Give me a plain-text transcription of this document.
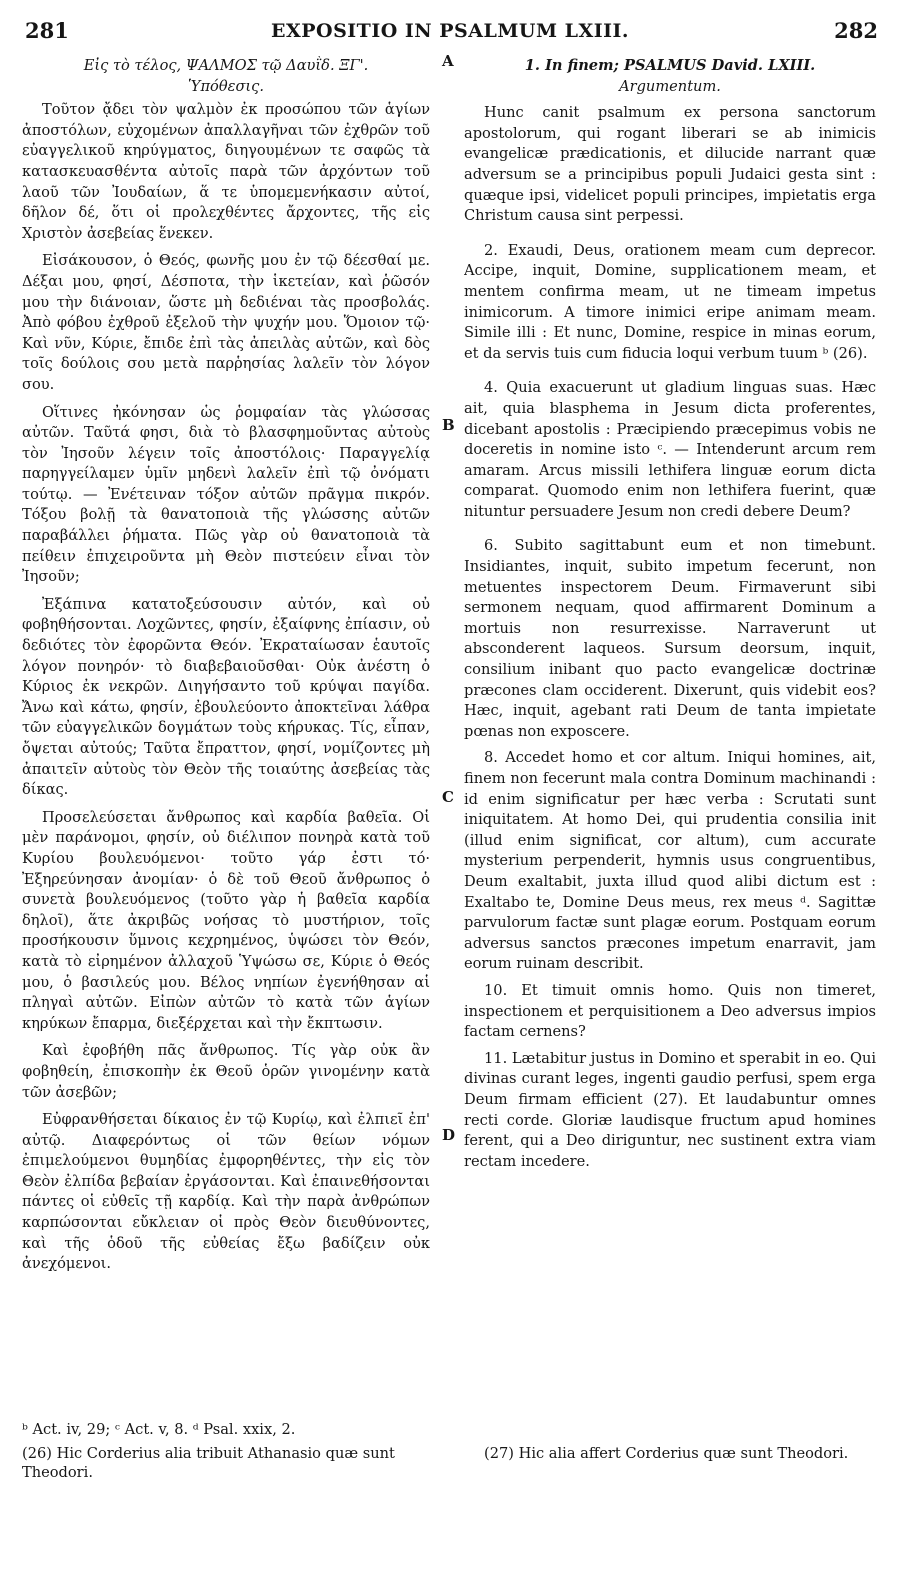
281	EXPOSITIO IN PSALMUM LXIII.	282
A
B
C
D

Εἰς τὸ τέλος, ΨΑΛΜΟΣ τῷ Δαυῒδ. ΞΓ'.

Ὑπόθεσις.

Τοῦτον ᾄδει τὸν ψαλμὸν ἐκ προσώπου τῶν ἁγίων ἀποστόλων, εὐχομένων ἀπαλλαγῆναι τῶν ἐχθρῶν τοῦ εὐαγγελικοῦ κηρύγματος, διηγουμένων τε σαφῶς τὰ κατασκευασθέντα αὐτοῖς παρὰ τῶν ἀρχόντων τοῦ λαοῦ τῶν Ἰουδαίων, ἅ τε ὑπομεμενήκασιν αὐτοί, δῆλον δέ, ὅτι οἱ προλεχθέντες ἄρχοντες, τῆς εἰς Χριστὸν ἀσεβείας ἕνεκεν.

Εἰσάκουσον, ὁ Θεός, φωνῆς μου ἐν τῷ δέεσθαί με. Δέξαι μου, φησί, Δέσποτα, τὴν ἱκετείαν, καὶ ῥῶσόν μου τὴν διάνοιαν, ὥστε μὴ δεδιέναι τὰς προσβολάς. Ἀπὸ φόβου ἐχθροῦ ἐξελοῦ τὴν ψυχήν μου. Ὅμοιον τῷ· Καὶ νῦν, Κύριε, ἔπιδε ἐπὶ τὰς ἀπειλὰς αὐτῶν, καὶ δὸς τοῖς δούλοις σου μετὰ παρῥησίας λαλεῖν τὸν λόγον σου.

Οἵτινες ἠκόνησαν ὡς ῥομφαίαν τὰς γλώσσας αὐτῶν. Ταῦτά φησι, διὰ τὸ βλασφημοῦντας αὐτοὺς τὸν Ἰησοῦν λέγειν τοῖς ἀποστόλοις· Παραγγελίᾳ παρηγγείλαμεν ὑμῖν μηδενὶ λαλεῖν ἐπὶ τῷ ὀνόματι τούτῳ. — Ἐνέτειναν τόξον αὐτῶν πρᾶγμα πικρόν. Τόξου βολῇ τὰ θανατοποιὰ τῆς γλώσσης αὐτῶν παραβάλλει ῥήματα. Πῶς γὰρ οὐ θανατοποιὰ τὰ πείθειν ἐπιχειροῦντα μὴ Θεὸν πιστεύειν εἶναι τὸν Ἰησοῦν;

Ἐξάπινα κατατοξεύσουσιν αὐτόν, καὶ οὐ φοβηθήσονται. Λοχῶντες, φησίν, ἐξαίφνης ἐπίασιν, οὐ δεδιότες τὸν ἐφορῶντα Θεόν. Ἐκραταίωσαν ἑαυτοῖς λόγον πονηρόν· τὸ διαβεβαιοῦσθαι· Οὐκ ἀνέστη ὁ Κύριος ἐκ νεκρῶν. Διηγήσαντο τοῦ κρύψαι παγίδα. Ἄνω καὶ κάτω, φησίν, ἐβουλεύοντο ἀποκτεῖναι λάθρα τῶν εὐαγγελικῶν δογμάτων τοὺς κήρυκας. Τίς, εἶπαν, ὄψεται αὐτούς; Ταῦτα ἔπραττον, φησί, νομίζοντες μὴ ἀπαιτεῖν αὐτοὺς τὸν Θεὸν τῆς τοιαύτης ἀσεβείας τὰς δίκας.

Προσελεύσεται ἄνθρωπος καὶ καρδία βαθεῖα. Οἱ μὲν παράνομοι, φησίν, οὐ διέλιπον πονηρὰ κατὰ τοῦ Κυρίου βουλευόμενοι· τοῦτο γάρ ἐστι τό· Ἐξηρεύνησαν ἀνομίαν· ὁ δὲ τοῦ Θεοῦ ἄνθρωπος ὁ συνετὰ βουλευόμενος (τοῦτο γὰρ ἡ βαθεῖα καρδία δηλοῖ), ἅτε ἀκριβῶς νοήσας τὸ μυστήριον, τοῖς προσήκουσιν ὕμνοις κεχρημένος, ὑψώσει τὸν Θεόν, κατὰ τὸ εἰρημένον ἀλλαχοῦ Ὑψώσω σε, Κύριε ὁ Θεός μου, ὁ βασιλεύς μου. Βέλος νηπίων ἐγενήθησαν αἱ πληγαὶ αὐτῶν. Εἰπὼν αὐτῶν τὸ κατὰ τῶν ἁγίων κηρύκων ἔπαρμα, διεξέρχεται καὶ τὴν ἔκπτωσιν.

Καὶ ἐφοβήθη πᾶς ἄνθρωπος. Τίς γὰρ οὐκ ἂν φοβηθείη, ἐπισκοπὴν ἐκ Θεοῦ ὁρῶν γινομένην κατὰ τῶν ἀσεβῶν;

Εὐφρανθήσεται δίκαιος ἐν τῷ Κυρίῳ, καὶ ἐλπιεῖ ἐπ' αὐτῷ. Διαφερόντως οἱ τῶν θείων νόμων ἐπιμελούμενοι θυμηδίας ἐμφορηθέντες, τὴν εἰς τὸν Θεὸν ἐλπίδα βεβαίαν ἐργάσονται. Καὶ ἐπαινεθήσονται πάντες οἱ εὐθεῖς τῇ καρδίᾳ. Καὶ τὴν παρὰ ἀνθρώπων καρπώσονται εὔκλειαν οἱ πρὸς Θεὸν διευθύνοντες, καὶ τῆς ὁδοῦ τῆς εὐθείας ἔξω βαδίζειν οὐκ ἀνεχόμενοι.

1. In finem; PSALMUS David. LXIII.

Argumentum.

Hunc canit psalmum ex persona sanctorum apostolorum, qui rogant liberari se ab inimicis evangelicæ prædicationis, et dilucide narrant quæ adversum se a principibus populi Judaici gesta sint : quæque ipsi, videlicet populi principes, impietatis erga Christum causa sint perpessi.

2. Exaudi, Deus, orationem meam cum deprecor. Accipe, inquit, Domine, supplicationem meam, et mentem confirma meam, ut ne timeam impetus inimicorum. A timore inimici eripe animam meam. Simile illi : Et nunc, Domine, respice in minas eorum, et da servis tuis cum fiducia loqui verbum tuum ᵇ (26).

4. Quia exacuerunt ut gladium linguas suas. Hæc ait, quia blasphema in Jesum dicta proferentes, dicebant apostolis : Præcipiendo præcepimus vobis ne doceretis in nomine isto ᶜ. — Intenderunt arcum rem amaram. Arcus missili lethifera linguæ eorum dicta comparat. Quomodo enim non lethifera fuerint, quæ nituntur persuadere Jesum non credi debere Deum?

6. Subito sagittabunt eum et non timebunt. Insidiantes, inquit, subito impetum fecerunt, non metuentes inspectorem Deum. Firmaverunt sibi sermonem nequam, quod affirmarent Dominum a mortuis non resurrexisse. Narraverunt ut absconderent laqueos. Sursum deorsum, inquit, consilium inibant quo pacto evangelicæ doctrinæ præcones clam occiderent. Dixerunt, quis videbit eos? Hæc, inquit, agebant rati Deum de tanta impietate pœnas non exposcere.

8. Accedet homo et cor altum. Iniqui homines, ait, finem non fecerunt mala contra Dominum machinandi : id enim significatur per hæc verba : Scrutati sunt iniquitatem. At homo Dei, qui prudentia consilia init (illud enim significat, cor altum), cum accurate mysterium perpenderit, hymnis usus congruentibus, Deum exaltabit, juxta illud quod alibi dictum est : Exaltabo te, Domine Deus meus, rex meus ᵈ. Sagittæ parvulorum factæ sunt plagæ eorum. Postquam eorum adversus sanctos præcones impetum enarravit, jam eorum ruinam describit.

10. Et timuit omnis homo. Quis non timeret, inspectionem et perquisitionem a Deo adversus impios factam cernens?

11. Lætabitur justus in Domino et sperabit in eo. Qui divinas curant leges, ingenti gaudio perfusi, spem erga Deum firmam efficient (27). Et laudabuntur omnes recti corde. Gloriæ laudisque fructum apud homines ferent, qui a Deo diriguntur, nec sustinent extra viam rectam incedere.

ᵇ Act. iv, 29; ᶜ Act. v, 8. ᵈ Psal. xxix, 2.
(26) Hic Corderius alia tribuit Athanasio quæ sunt Theodori.
(27) Hic alia affert Corderius quæ sunt Theodori.
